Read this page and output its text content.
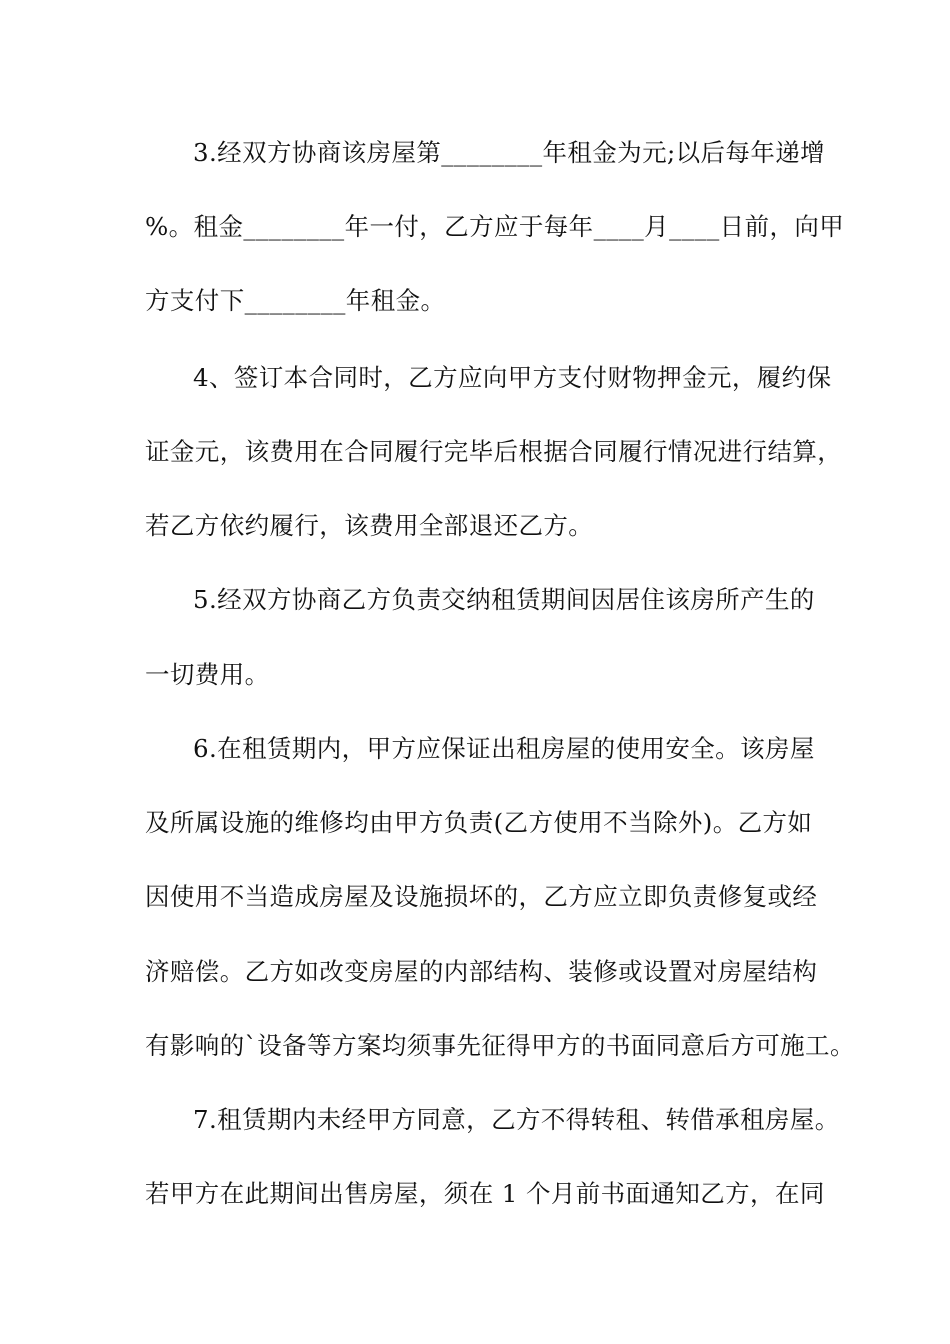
3.经双方协商该房屋第________年租金为元;以后每年递增
%。租金________年一付，乙方应于每年____月____日前，向甲
方支付下________年租金。
4、签订本合同时，乙方应向甲方支付财物押金元，履约保
证金元，该费用在合同履行完毕后根据合同履行情况进行结算，
若乙方依约履行，该费用全部退还乙方。
5.经双方协商乙方负责交纳租赁期间因居住该房所产生的
一切费用。
6.在租赁期内，甲方应保证出租房屋的使用安全。该房屋
及所属设施的维修均由甲方负责(乙方使用不当除外)。乙方如
因使用不当造成房屋及设施损坏的，乙方应立即负责修复或经
济赔偿。乙方如改变房屋的内部结构、装修或设置对房屋结构
有影响的`设备等方案均须事先征得甲方的书面同意后方可施工。
7.租赁期内未经甲方同意，乙方不得转租、转借承租房屋。
若甲方在此期间出售房屋，须在 1 个月前书面通知乙方，在同
